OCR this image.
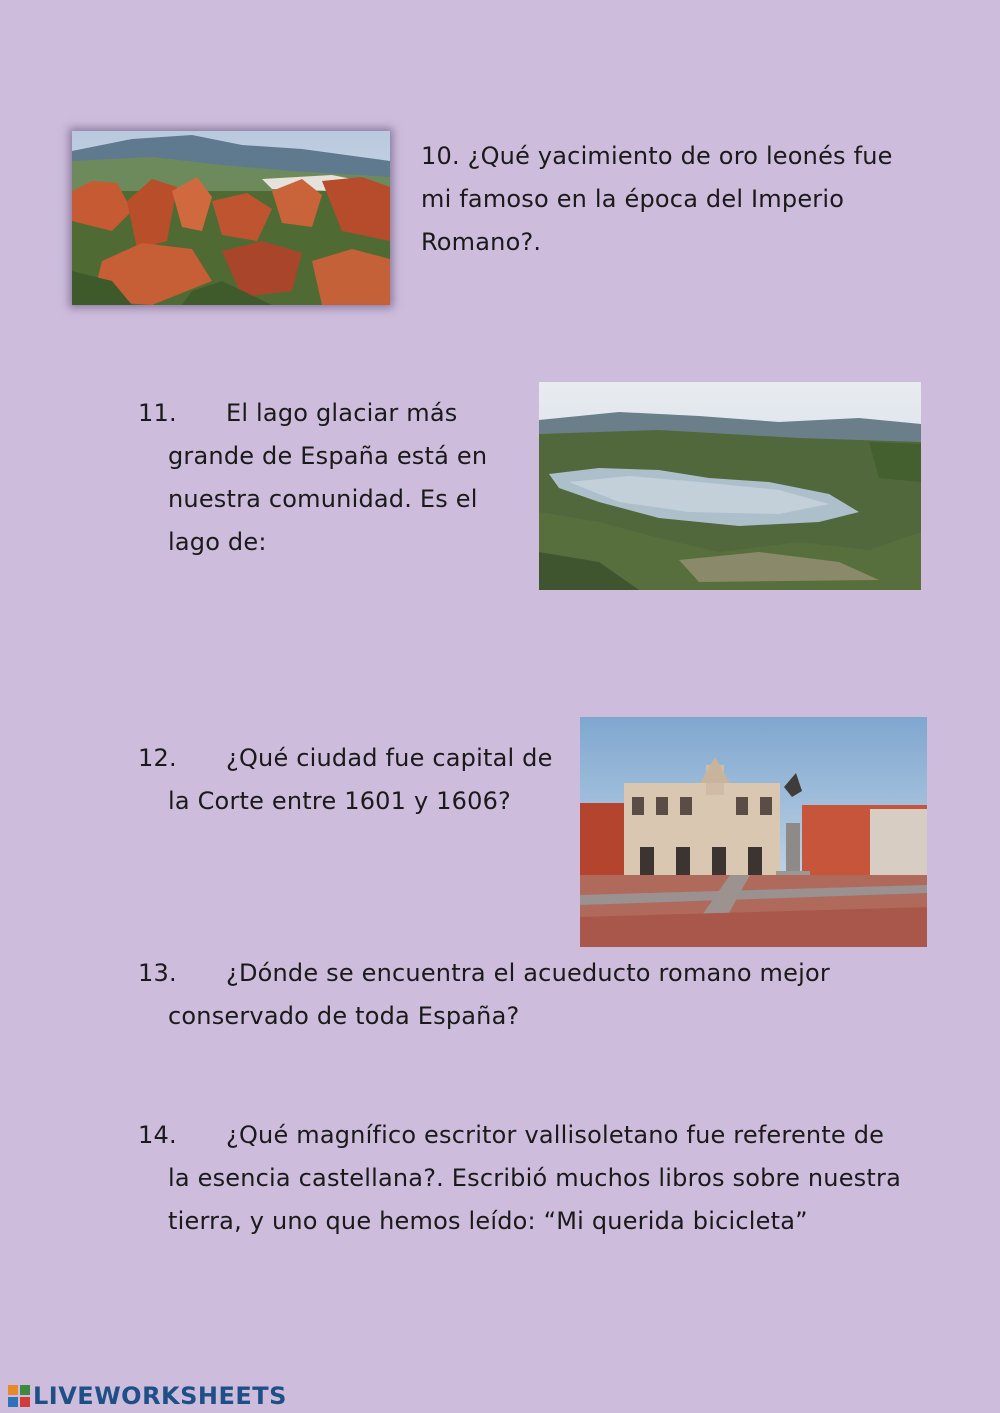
10. ¿Qué yacimiento de oro leonés fue
mi famoso en la época del Imperio
Romano?.
11. El lago glaciar más
grande de España está en
nuestra comunidad. Es el
lago de:
12. ¿Qué ciudad fue capital de
la Corte entre 1601 y 1606?
13. ¿Dónde se encuentra el acueducto romano mejor
conservado de toda España?
14. ¿Qué magnífico escritor vallisoletano fue referente de
la esencia castellana?. Escribió muchos libros sobre nuestra
tierra, y uno que hemos leído: “Mi querida bicicleta”
LIVEWORKSHEETS
